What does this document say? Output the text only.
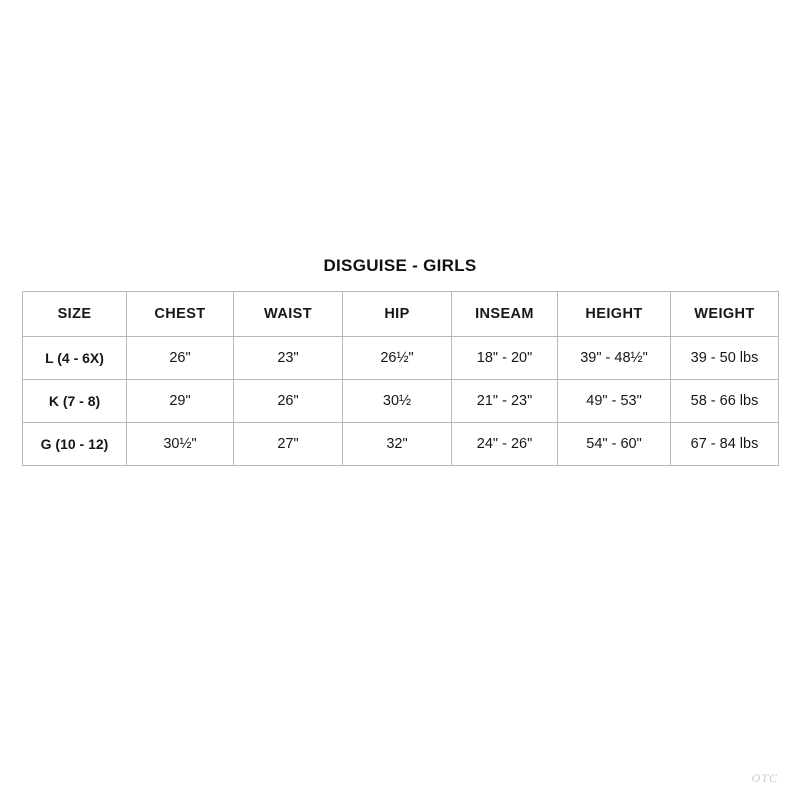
DISGUISE - GIRLS
SIZE	CHEST	WAIST	HIP	INSEAM	HEIGHT	WEIGHT
L (4 - 6X)	26"	23"	26½"	18" - 20"	39" - 48½"	39 - 50 lbs
K (7 - 8)	29"	26"	30½	21" - 23"	49" - 53"	58 - 66 lbs
G (10 - 12)	30½"	27"	32"	24" - 26"	54" - 60"	67 - 84 lbs
OTC
